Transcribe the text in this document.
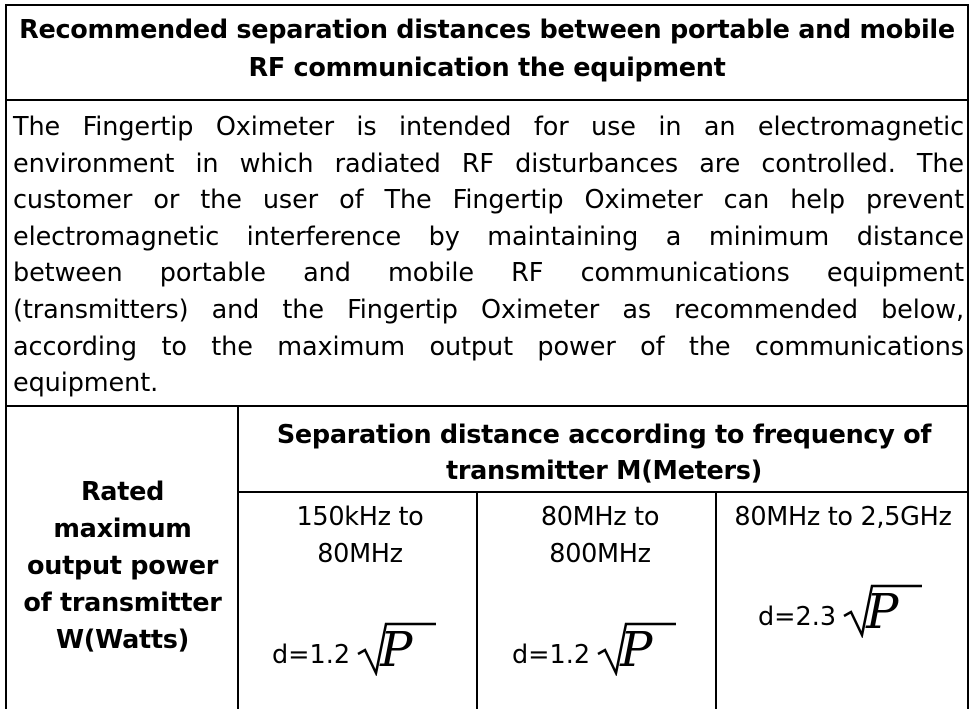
Recommended separation distances between portable and mobile RF communication the equipment
The Fingertip Oximeter is intended for use in an electromagnetic environment in which radiated RF disturbances are controlled. The customer or the user of The Fingertip Oximeter can help prevent electromagnetic interference by maintaining a minimum distance between portable and mobile RF communications equipment (transmitters) and the Fingertip Oximeter as recommended below, according to the maximum output power of the communications equipment.
Rated maximum output power of transmitter W(Watts)
Separation distance according to frequency of transmitter M(Meters)
150kHz to 80MHz
80MHz to 800MHz
80MHz to 2,5GHz
d=1.2 P	d=1.2 P
d=2.3 P
